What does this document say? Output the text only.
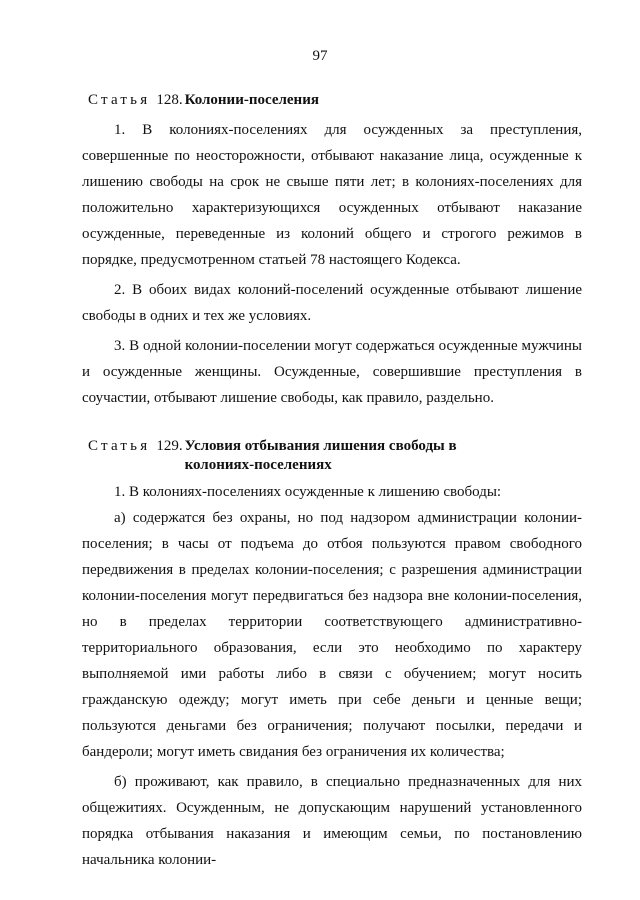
97
Статья 128. Колонии-поселения

1. В колониях-поселениях для осужденных за преступления, совершенные по неосторожности, отбывают наказание лица, осужденные к лишению свободы на срок не свыше пяти лет; в колониях-поселениях для положительно характеризующихся осужденных отбывают наказание осужденные, переведенные из колоний общего и строгого режимов в порядке, предусмотренном статьей 78 настоящего Кодекса.

2. В обоих видах колоний-поселений осужденные отбывают лишение свободы в одних и тех же условиях.

3. В одной колонии-поселении могут содержаться осужденные мужчины и осужденные женщины. Осужденные, совершившие преступления в соучастии, отбывают лишение свободы, как правило, раздельно.

Статья 129. Условия отбывания лишения свободы в колониях-поселениях

1. В колониях-поселениях осужденные к лишению свободы:

а) содержатся без охраны, но под надзором администрации колонии-поселения; в часы от подъема до отбоя пользуются правом свободного передвижения в пределах колонии-поселения; с разрешения администрации колонии-поселения могут передвигаться без надзора вне колонии-поселения, но в пределах территории соответствующего административно-территориального образования, если это необходимо по характеру выполняемой ими работы либо в связи с обучением; могут носить гражданскую одежду; могут иметь при себе деньги и ценные вещи; пользуются деньгами без ограничения; получают посылки, передачи и бандероли; могут иметь свидания без ограничения их количества;

б) проживают, как правило, в специально предназначенных для них общежитиях. Осужденным, не допускающим нарушений установленного порядка отбывания наказания и имеющим семьи, по постановлению начальника колонии-
